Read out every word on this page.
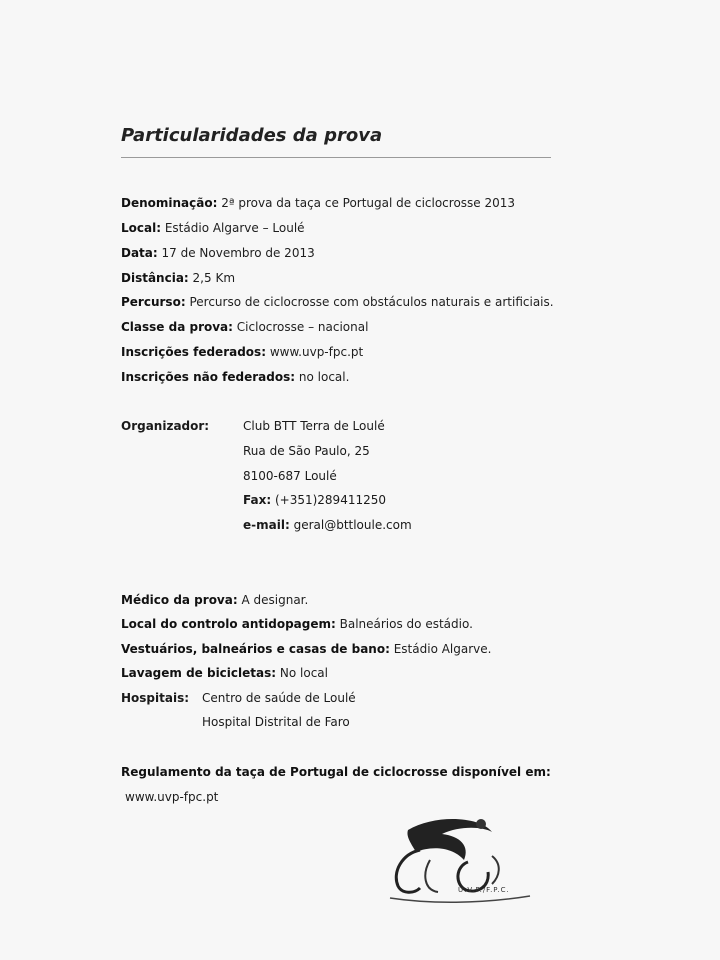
Particularidades da prova
Denominação: 2ª prova da taça ce Portugal de ciclocrosse 2013
Local: Estádio Algarve – Loulé
Data: 17 de Novembro de 2013
Distância: 2,5 Km
Percurso: Percurso de ciclocrosse com obstáculos naturais e artificiais.
Classe da prova: Ciclocrosse – nacional
Inscrições federados: www.uvp-fpc.pt
Inscrições não federados: no local.
Organizador:	Club BTT Terra de Loulé
Rua de São Paulo, 25
8100-687 Loulé
Fax: (+351)289411250
e-mail: geral@bttloule.com
Médico da prova: A designar.
Local do controlo antidopagem: Balneários do estádio.
Vestuários, balneários e casas de bano: Estádio Algarve.
Lavagem de bicicletas: No local
Hospitais: Centro de saúde de Loulé
Hospital Distrital de Faro
Regulamento da taça de Portugal de ciclocrosse disponível em:
www.uvp-fpc.pt
U.V.P./F.P.C.
